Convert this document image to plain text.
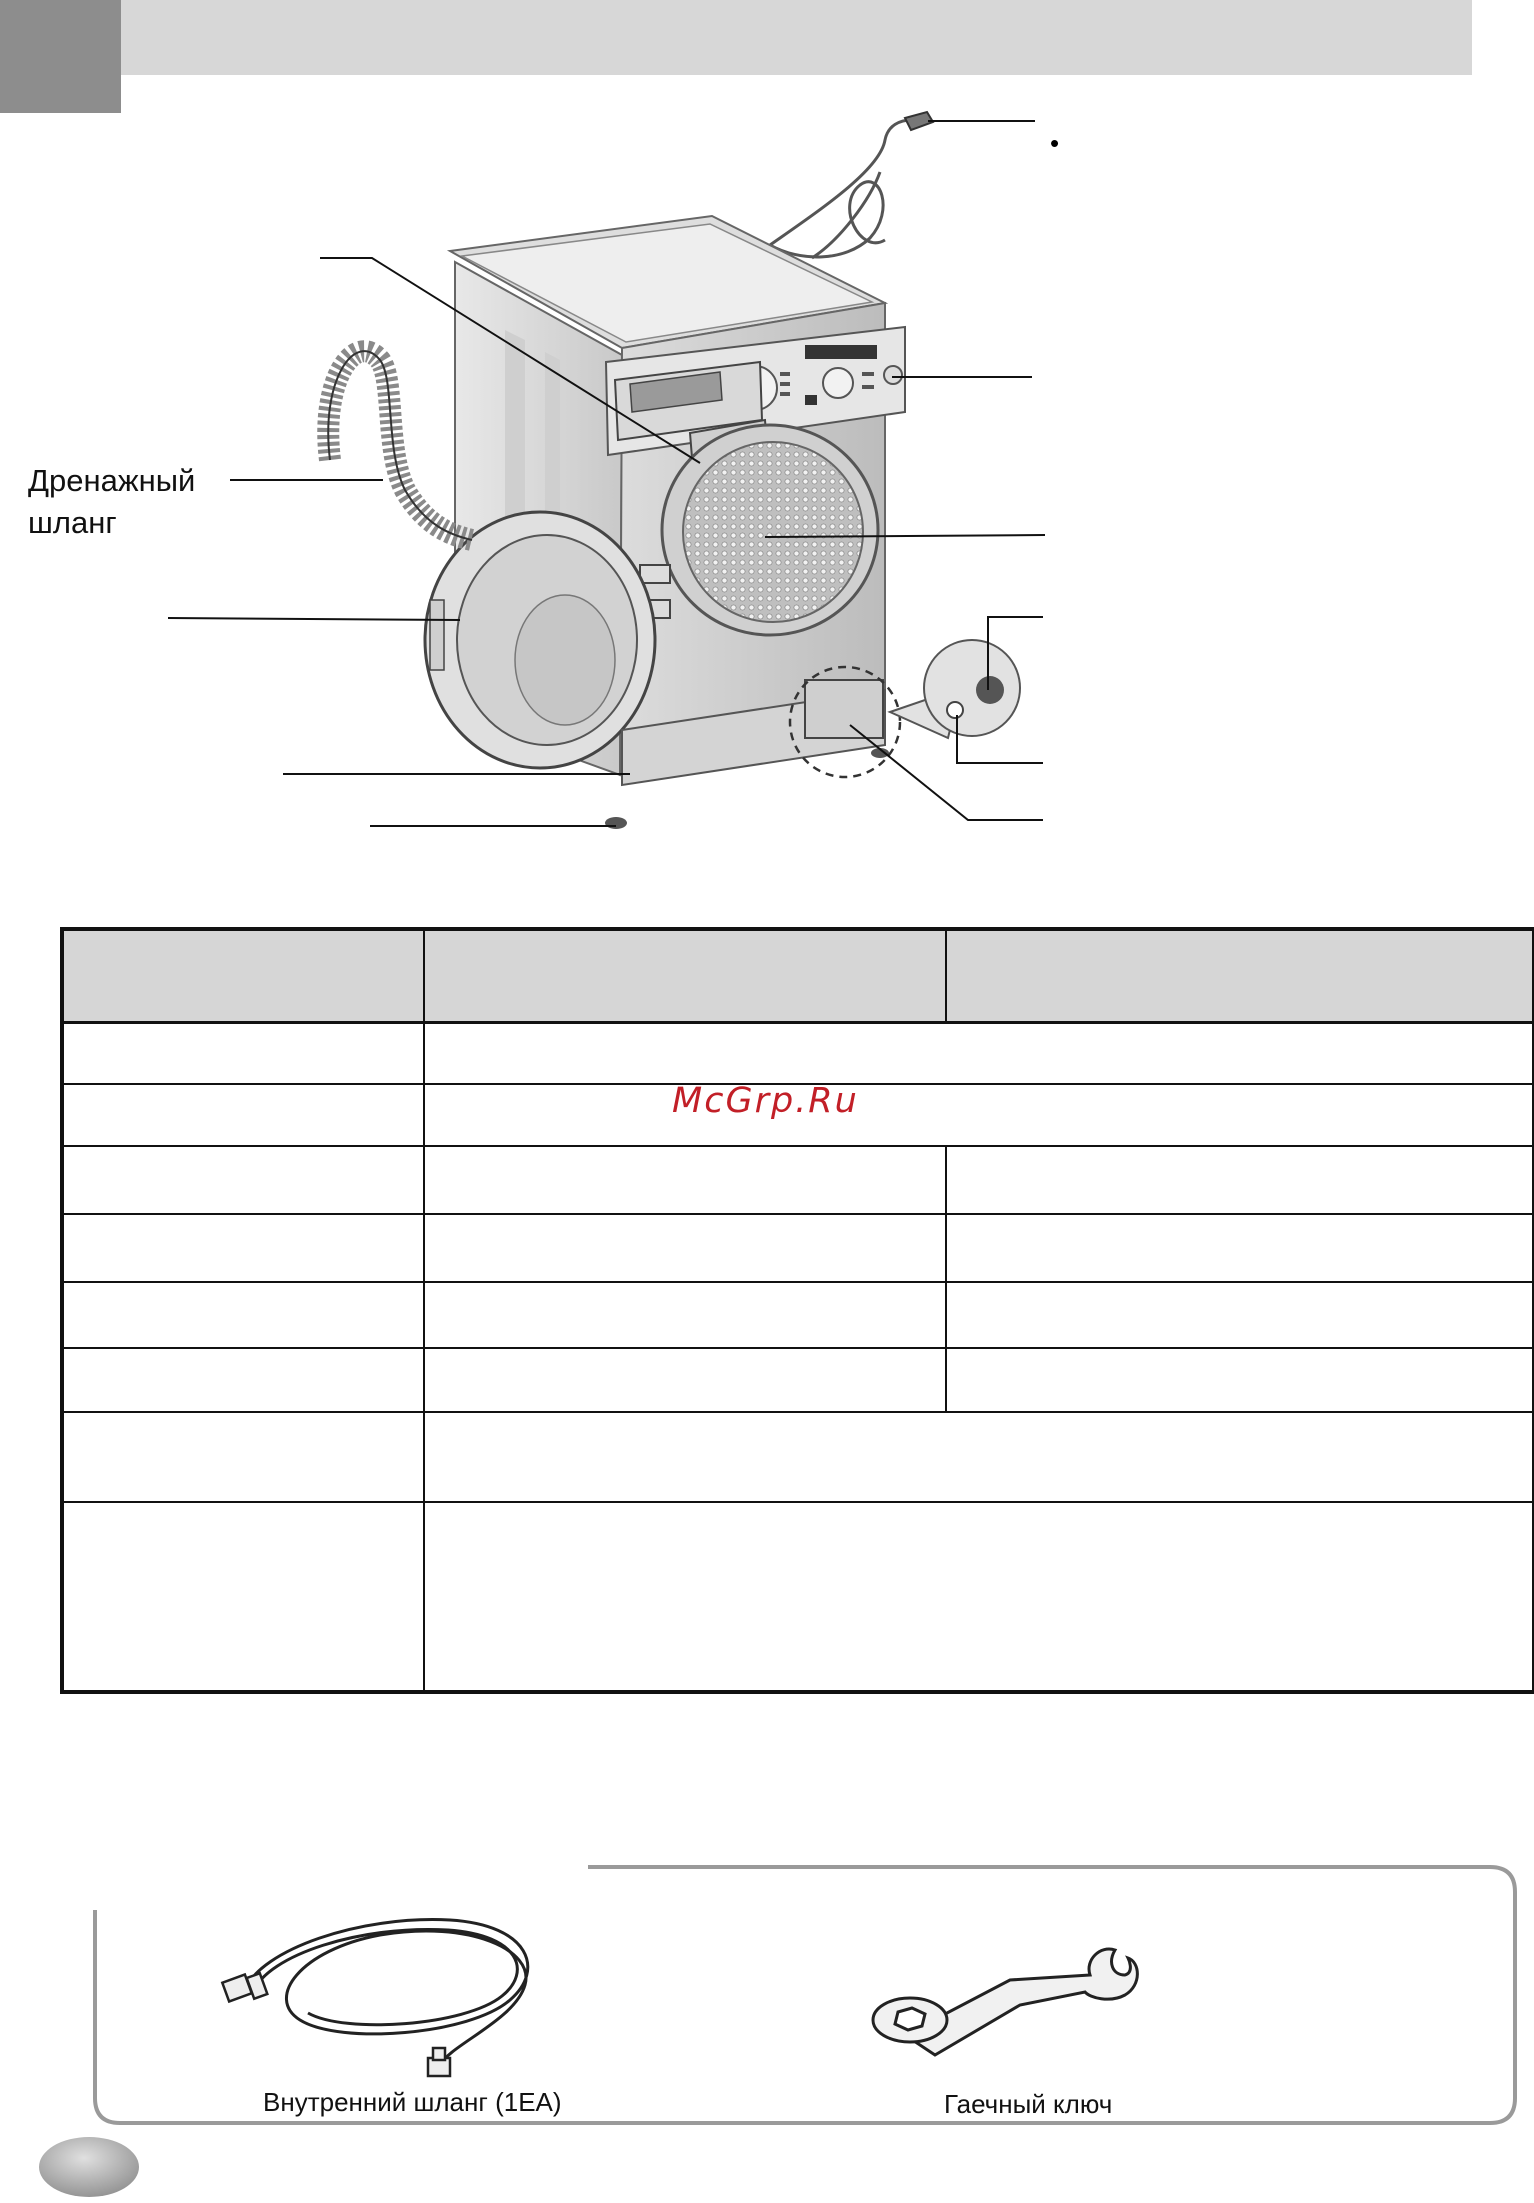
•
Дренажный
шланг

McGrp.Ru
Внутренний шланг (1EA)	Гаечный ключ
